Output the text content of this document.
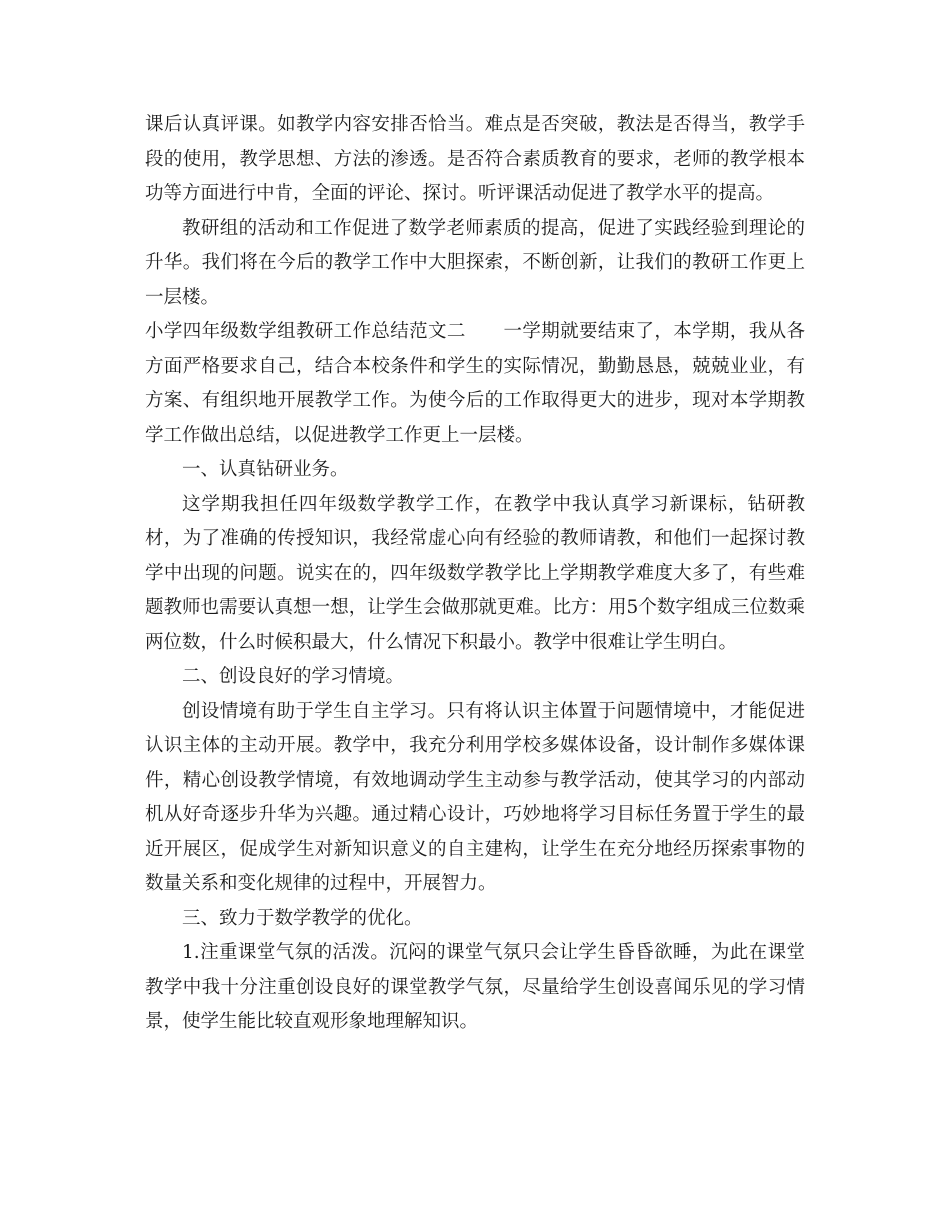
课后认真评课。如教学内容安排否恰当。难点是否突破，教法是否得当，教学手段的使用，教学思想、方法的渗透。是否符合素质教育的要求，老师的教学根本功等方面进行中肯，全面的评论、探讨。听评课活动促进了教学水平的提高。

教研组的活动和工作促进了数学老师素质的提高，促进了实践经验到理论的升华。我们将在今后的教学工作中大胆探索，不断创新，让我们的教研工作更上一层楼。

小学四年级数学组教研工作总结范文二　　一学期就要结束了，本学期，我从各方面严格要求自己，结合本校条件和学生的实际情况，勤勤恳恳，兢兢业业，有方案、有组织地开展教学工作。为使今后的工作取得更大的进步，现对本学期教学工作做出总结，以促进教学工作更上一层楼。

一、认真钻研业务。

这学期我担任四年级数学教学工作，在教学中我认真学习新课标，钻研教材，为了准确的传授知识，我经常虚心向有经验的教师请教，和他们一起探讨教学中出现的问题。说实在的，四年级数学教学比上学期教学难度大多了，有些难题教师也需要认真想一想，让学生会做那就更难。比方：用5个数字组成三位数乘两位数，什么时候积最大，什么情况下积最小。教学中很难让学生明白。

二、创设良好的学习情境。

创设情境有助于学生自主学习。只有将认识主体置于问题情境中，才能促进认识主体的主动开展。教学中，我充分利用学校多媒体设备，设计制作多媒体课件，精心创设教学情境，有效地调动学生主动参与教学活动，使其学习的内部动机从好奇逐步升华为兴趣。通过精心设计，巧妙地将学习目标任务置于学生的最近开展区，促成学生对新知识意义的自主建构，让学生在充分地经历探索事物的数量关系和变化规律的过程中，开展智力。

三、致力于数学教学的优化。

1.注重课堂气氛的活泼。沉闷的课堂气氛只会让学生昏昏欲睡，为此在课堂教学中我十分注重创设良好的课堂教学气氛，尽量给学生创设喜闻乐见的学习情景，使学生能比较直观形象地理解知识。
